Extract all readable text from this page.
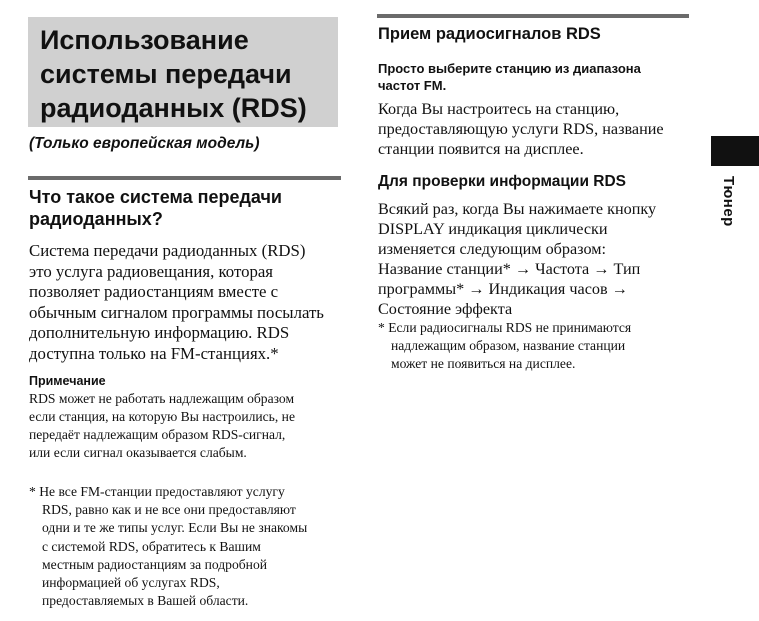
Использование
системы передачи
радиоданных (RDS)
(Только европейская модель)
Что такое система передачи
радиоданных?

Система передачи радиоданных (RDS)
это услуга радиовещания, которая
позволяет радиостанциям вместе с
обычным сигналом программы посылать
дополнительную информацию. RDS
доступна только на FM-станциях.*

Примечание

RDS может не работать надлежащим образом
если станция, на которую Вы настроились, не
передаёт надлежащим образом RDS-сигнал,
или если сигнал оказывается слабым.

* Не все FM-станции предоставляют услугу
RDS, равно как и не все они предоставляют
одни и те же типы услуг. Если Вы не знакомы
с системой RDS, обратитесь к Вашим
местным радиостанциям за подробной
информацией об услугах RDS,
предоставляемых в Вашей области.

Прием радиосигналов RDS

Просто выберите станцию из диапазона
частот FM.

Когда Вы настроитесь на станцию,
предоставляющую услуги RDS, название
станции появится на дисплее.

Для проверки информации RDS

Всякий раз, когда Вы нажимаете кнопку
DISPLAY индикация циклически
изменяется следующим образом:
Название станции* → Частота → Тип
программы* → Индикация часов →
Состояние эффекта

* Если радиосигналы RDS не принимаются
надлежащим образом, название станции
может не появиться на дисплее.

Тюнер
